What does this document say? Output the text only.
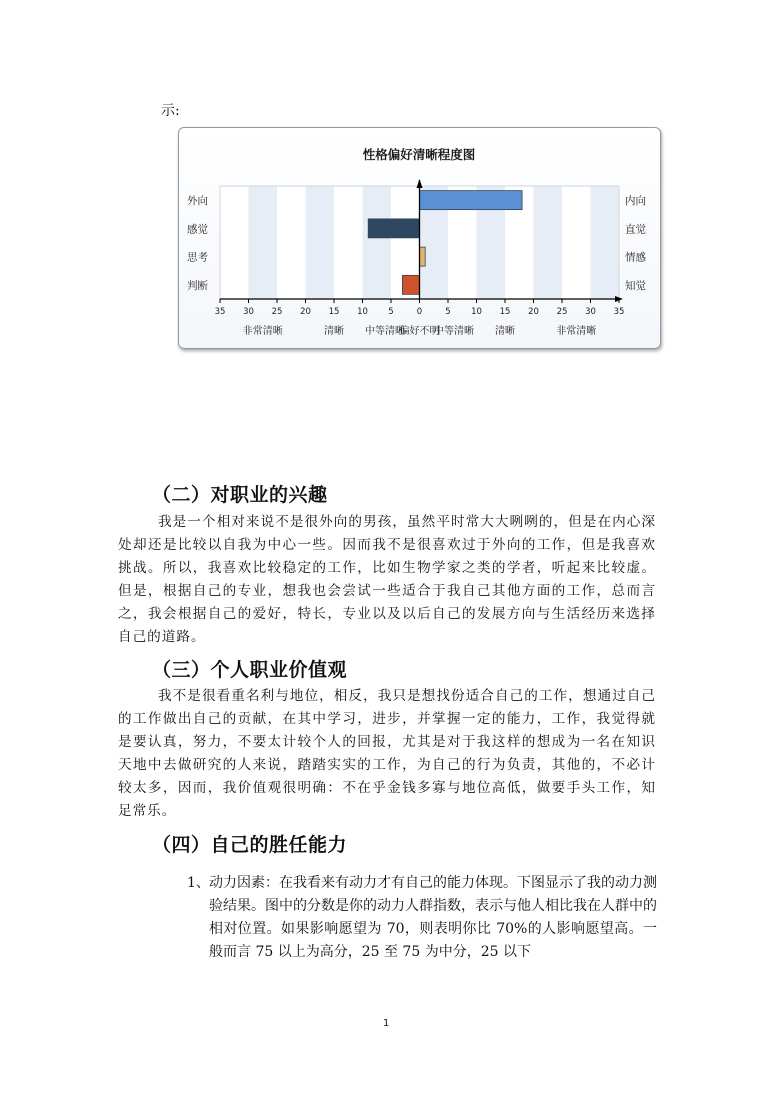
示:
性格偏好清晰程度图
外向	内向
感觉	直觉
思考	情感
判断	知觉
35 30 25 20 15 10 5	0	5 10 15 20 25 30 35
非常清晰	清晰 中等清晰
偏好不明
中等清晰 清晰	非常清晰
（二）对职业的兴趣
我是一个相对来说不是很外向的男孩，虽然平时常大大咧咧的，但是在内心深处却还是比较以自我为中心一些。因而我不是很喜欢过于外向的工作，但是我喜欢挑战。所以，我喜欢比较稳定的工作，比如生物学家之类的学者，听起来比较虚。但是，根据自己的专业，想我也会尝试一些适合于我自己其他方面的工作，总而言之，我会根据自己的爱好，特长，专业以及以后自己的发展方向与生活经历来选择自己的道路。
（三）个人职业价值观
我不是很看重名利与地位，相反，我只是想找份适合自己的工作，想通过自己的工作做出自己的贡献，在其中学习，进步，并掌握一定的能力，工作，我觉得就是要认真，努力，不要太计较个人的回报，尤其是对于我这样的想成为一名在知识天地中去做研究的人来说，踏踏实实的工作，为自己的行为负责，其他的，不必计较太多，因而，我价值观很明确：不在乎金钱多寡与地位高低，做要手头工作，知足常乐。
（四）自己的胜任能力
1、 动力因素：在我看来有动力才有自己的能力体现。下图显示了我的动力测验结果。图中的分数是你的动力人群指数，表示与他人相比我在人群中的相对位置。如果影响愿望为 70，则表明你比 70%的人影响愿望高。一般而言 75 以上为高分，25 至 75 为中分，25 以下
1
